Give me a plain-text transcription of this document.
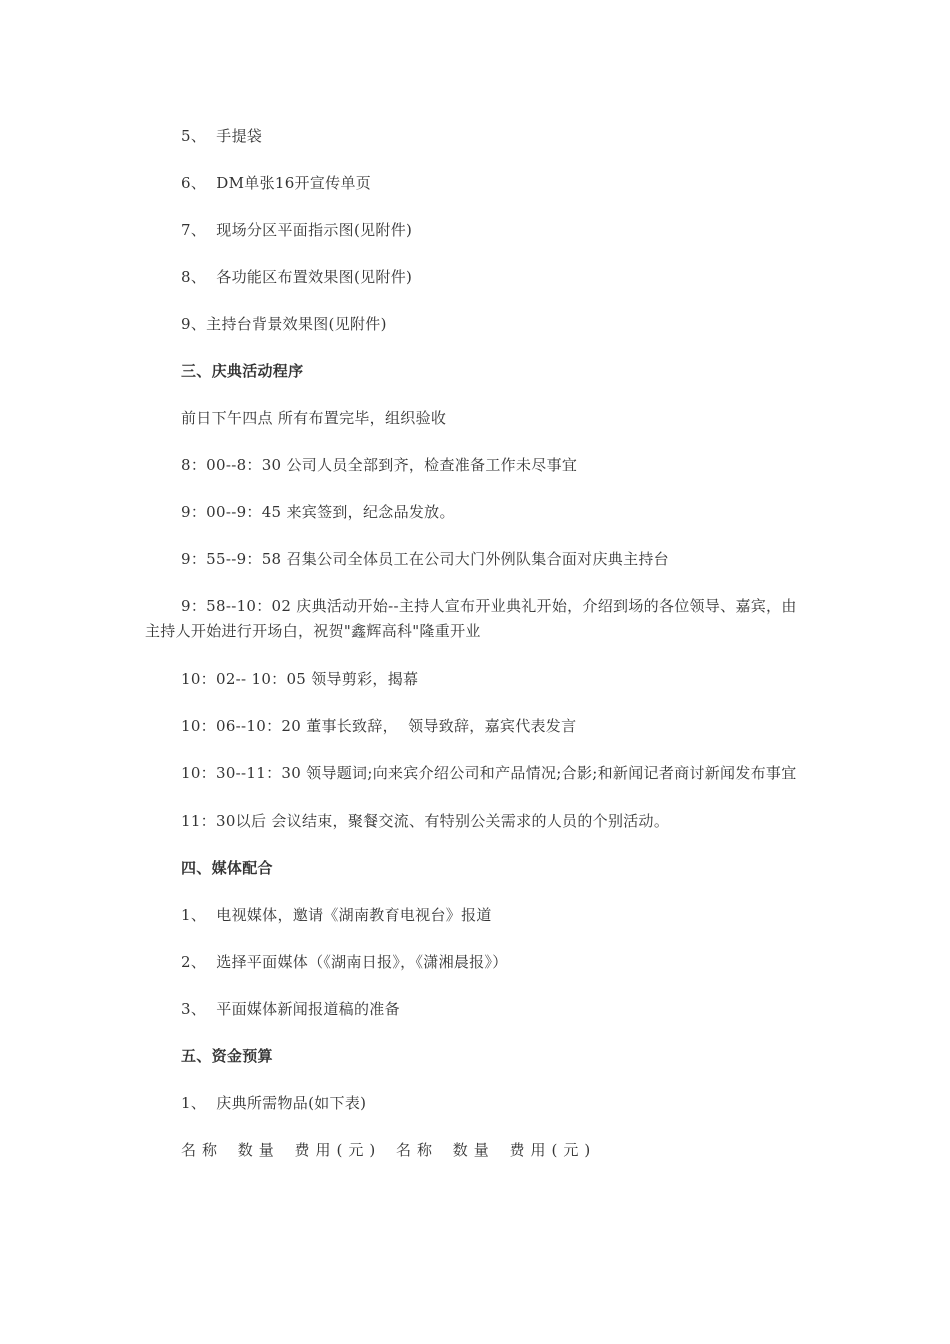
5、  手提袋

6、  DM单张16开宣传单页

7、  现场分区平面指示图(见附件)

8、  各功能区布置效果图(见附件)

9、主持台背景效果图(见附件)

三、庆典活动程序

前日下午四点 所有布置完毕，组织验收

8：00--8：30 公司人员全部到齐，检查准备工作未尽事宜

9：00--9：45 来宾签到，纪念品发放。

9：55--9：58 召集公司全体员工在公司大门外例队集合面对庆典主持台

9：58--10：02 庆典活动开始--主持人宣布开业典礼开始，介绍到场的各位领导、嘉宾，由主持人开始进行开场白，祝贺"鑫辉高科"隆重开业

10：02-- 10：05 领导剪彩，揭幕

10：06--10：20 董事长致辞，  领导致辞，嘉宾代表发言

10：30--11：30 领导题词;向来宾介绍公司和产品情况;合影;和新闻记者商讨新闻发布事宜

11：30以后 会议结束，聚餐交流、有特别公关需求的人员的个别活动。

四、媒体配合

1、  电视媒体，邀请《湖南教育电视台》报道

2、  选择平面媒体（《湖南日报》，《潇湘晨报》）

3、  平面媒体新闻报道稿的准备

五、资金预算

1、  庆典所需物品(如下表)

名称 数量 费用(元) 名称 数量 费用(元)
